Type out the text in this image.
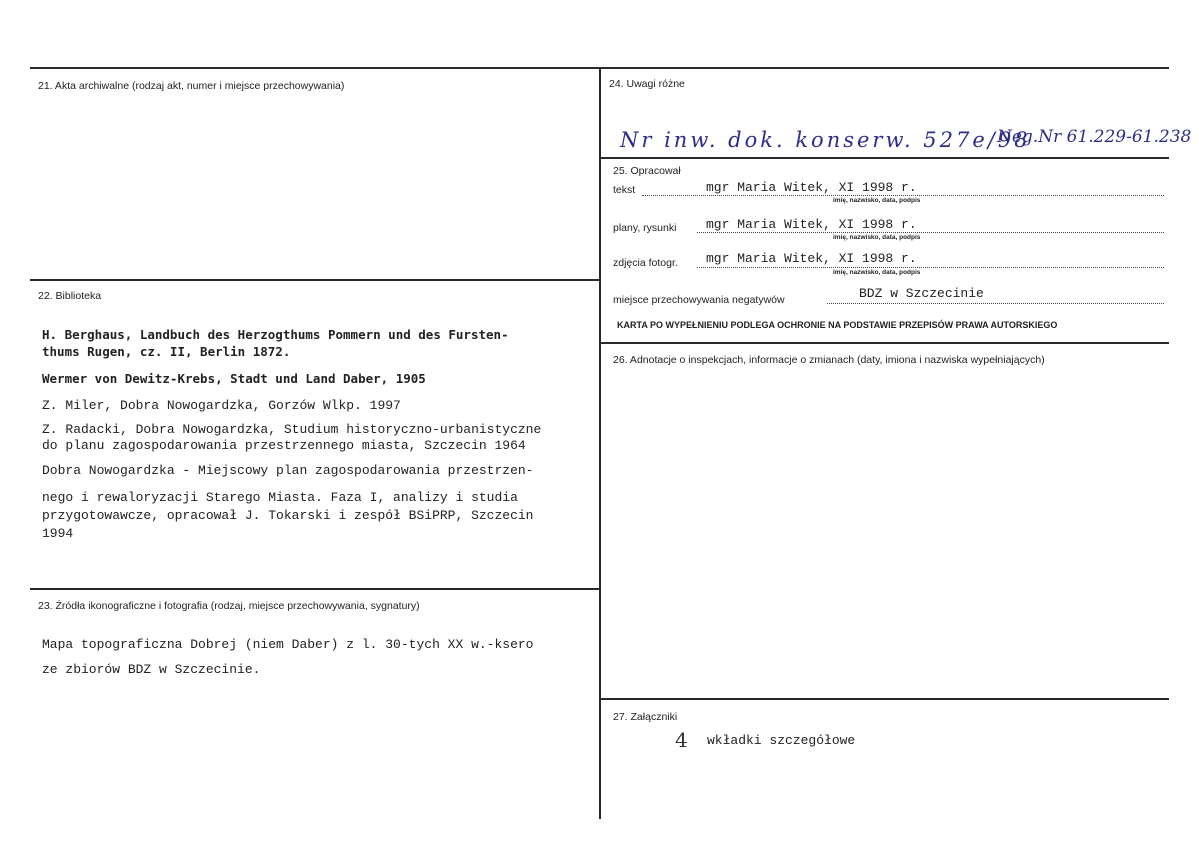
21. Akta archiwalne (rodzaj akt, numer i miejsce przechowywania)
22. Biblioteka
H. Berghaus, Landbuch des Herzogthums Pommern und des Fursten-
thums Rugen, cz. II, Berlin 1872.
Wermer von Dewitz-Krebs, Stadt und Land Daber, 1905
Z. Miler, Dobra Nowogardzka, Gorzów Wlkp. 1997
Z. Radacki, Dobra Nowogardzka, Studium historyczno-urbanistyczne
do planu zagospodarowania przestrzennego miasta, Szczecin 1964
Dobra Nowogardzka - Miejscowy plan zagospodarowania przestrzen-
nego i rewaloryzacji Starego Miasta. Faza I, analizy i studia
przygotowawcze, opracował J. Tokarski i zespół BSiPRP, Szczecin
1994
23. Źródła ikonograficzne i fotografia (rodzaj, miejsce przechowywania, sygnatury)
Mapa topograficzna Dobrej (niem Daber) z l. 30-tych XX w.-ksero
ze zbiorów BDZ w Szczecinie.
24. Uwagi różne
Nr inw. dok. konserw. 527e/98
Neg.Nr 61.229-61.238
25. Opracował
tekst	mgr Maria Witek, XI 1998 r.
imię, nazwisko, data, podpis
plany, rysunki mgr Maria Witek, XI 1998 r.
imię, nazwisko, data, podpis
zdjęcia fotogr. mgr Maria Witek, XI 1998 r.
imię, nazwisko, data, podpis
miejsce przechowywania negatywów	BDZ w Szczecinie
KARTA PO WYPEŁNIENIU PODLEGA OCHRONIE NA PODSTAWIE PRZEPISÓW PRAWA AUTORSKIEGO
26. Adnotacje o inspekcjach, informacje o zmianach (daty, imiona i nazwiska wypełniających)
27. Załączniki
4 wkładki szczegółowe
